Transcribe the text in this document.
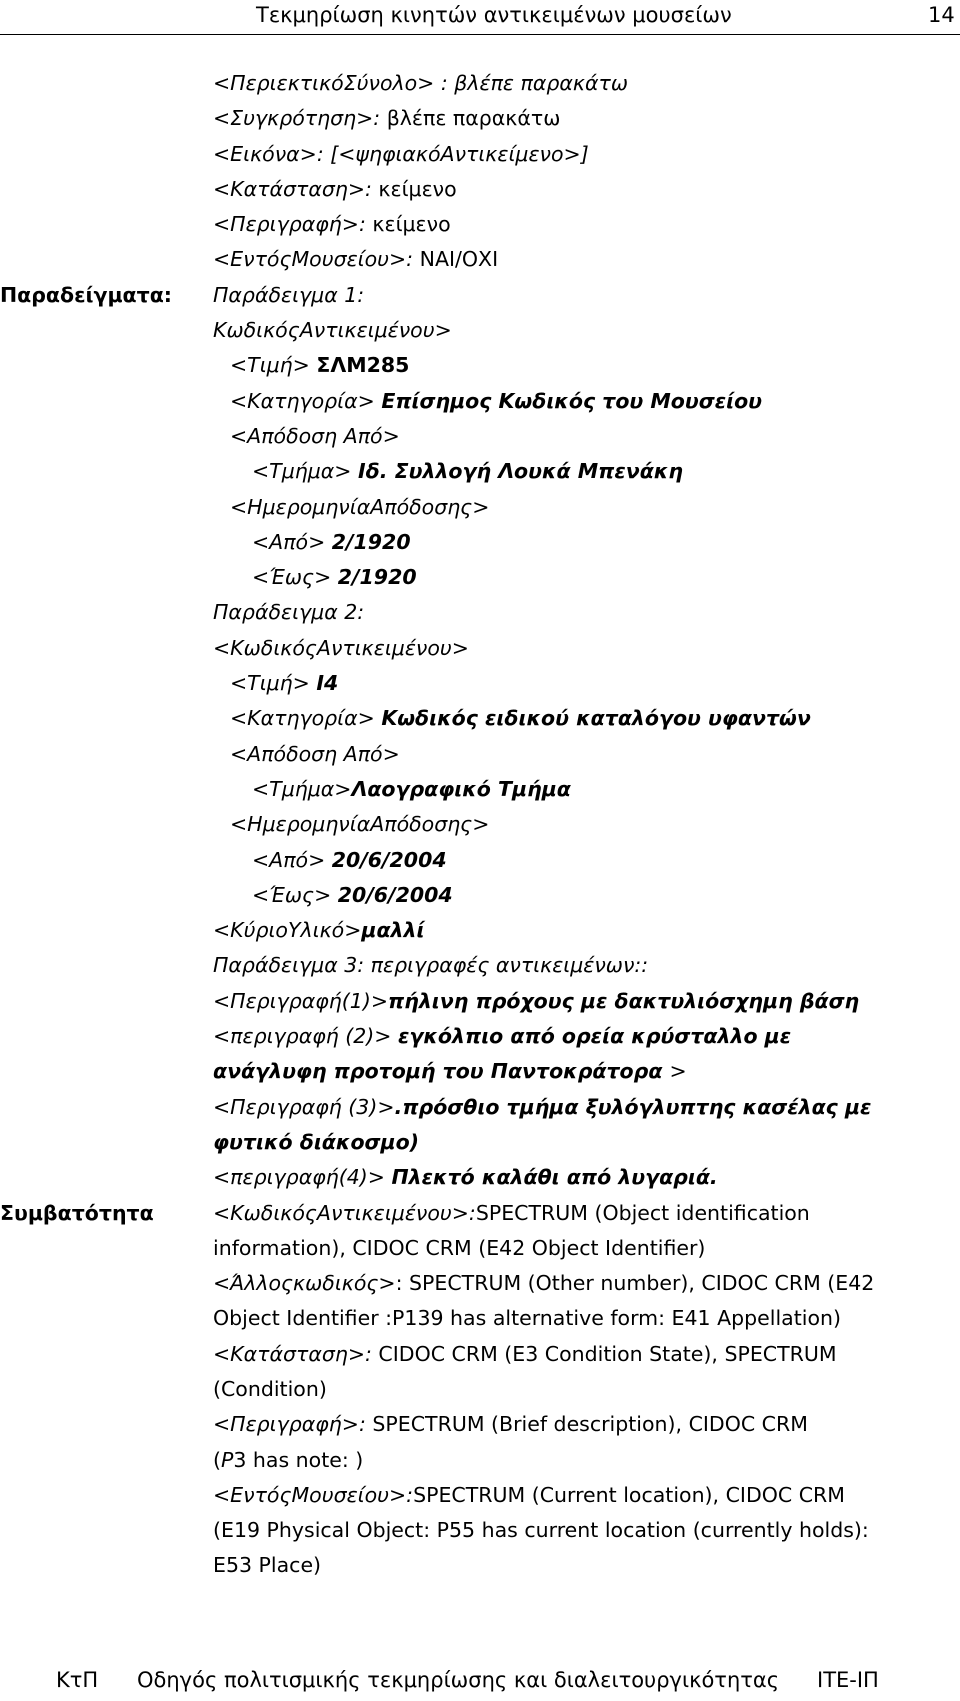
Τεκμηρίωση κινητών αντικειμένων μουσείων	14
<ΠεριεκτικόΣύνολο> : βλέπε παρακάτω
<Συγκρότηση>: βλέπε παρακάτω
<Εικόνα>: [<ψηφιακόΑντικείμενο>]
<Κατάσταση>: κείμενο
<Περιγραφή>: κείμενο
<ΕντόςΜουσείου>: ΝΑΙ/ΟΧΙ
Παραδείγματα: Παράδειγμα 1:
ΚωδικόςΑντικειμένου>
<Τιμή> ΣΛΜ285
<Κατηγορία> Επίσημος Κωδικός του Μουσείου
<Απόδοση Από>
<Τμήμα> Ιδ. Συλλογή Λουκά Μπενάκη
<ΗμερομηνίαΑπόδοσης>
<Από> 2/1920
<Έως> 2/1920
Παράδειγμα 2:
<ΚωδικόςΑντικειμένου>
<Τιμή> Ι4
<Κατηγορία> Κωδικός ειδικού καταλόγου υφαντών
<Απόδοση Από>
<Τμήμα>Λαογραφικό Τμήμα
<ΗμερομηνίαΑπόδοσης>
<Από> 20/6/2004
<Έως> 20/6/2004
<ΚύριοΥλικό>μαλλί
Παράδειγμα 3: περιγραφές αντικειμένων::
<Περιγραφή(1)>πήλινη πρόχους με δακτυλιόσχημη βάση
<περιγραφή (2)> εγκόλπιο από ορεία κρύσταλλο με
ανάγλυφη προτομή του Παντοκράτορα >
<Περιγραφή (3)>.πρόσθιο τμήμα ξυλόγλυπτης κασέλας με
φυτικό διάκοσμο)
<περιγραφή(4)> Πλεκτό καλάθι από λυγαριά.
Συμβατότητα	<ΚωδικόςΑντικειμένου>:SPECTRUM (Object identification
information), CIDOC CRM (E42 Object Identifier)
<Άλλοςκωδικός>: SPECTRUM (Other number), CIDOC CRM (E42
Object Identifier :P139 has alternative form: E41 Appellation)
<Κατάσταση>: CIDOC CRM (E3 Condition State), SPECTRUM
(Condition)
<Περιγραφή>: SPECTRUM (Brief description), CIDOC CRM
(P3 has note: )
<ΕντόςΜουσείου>:SPECTRUM (Current location), CIDOC CRM
(E19 Physical Object: P55 has current location (currently holds):
E53 Place)
ΚτΠ Οδηγός πολιτισμικής τεκμηρίωσης και διαλειτουργικότητας ΙΤΕ-ΙΠ
